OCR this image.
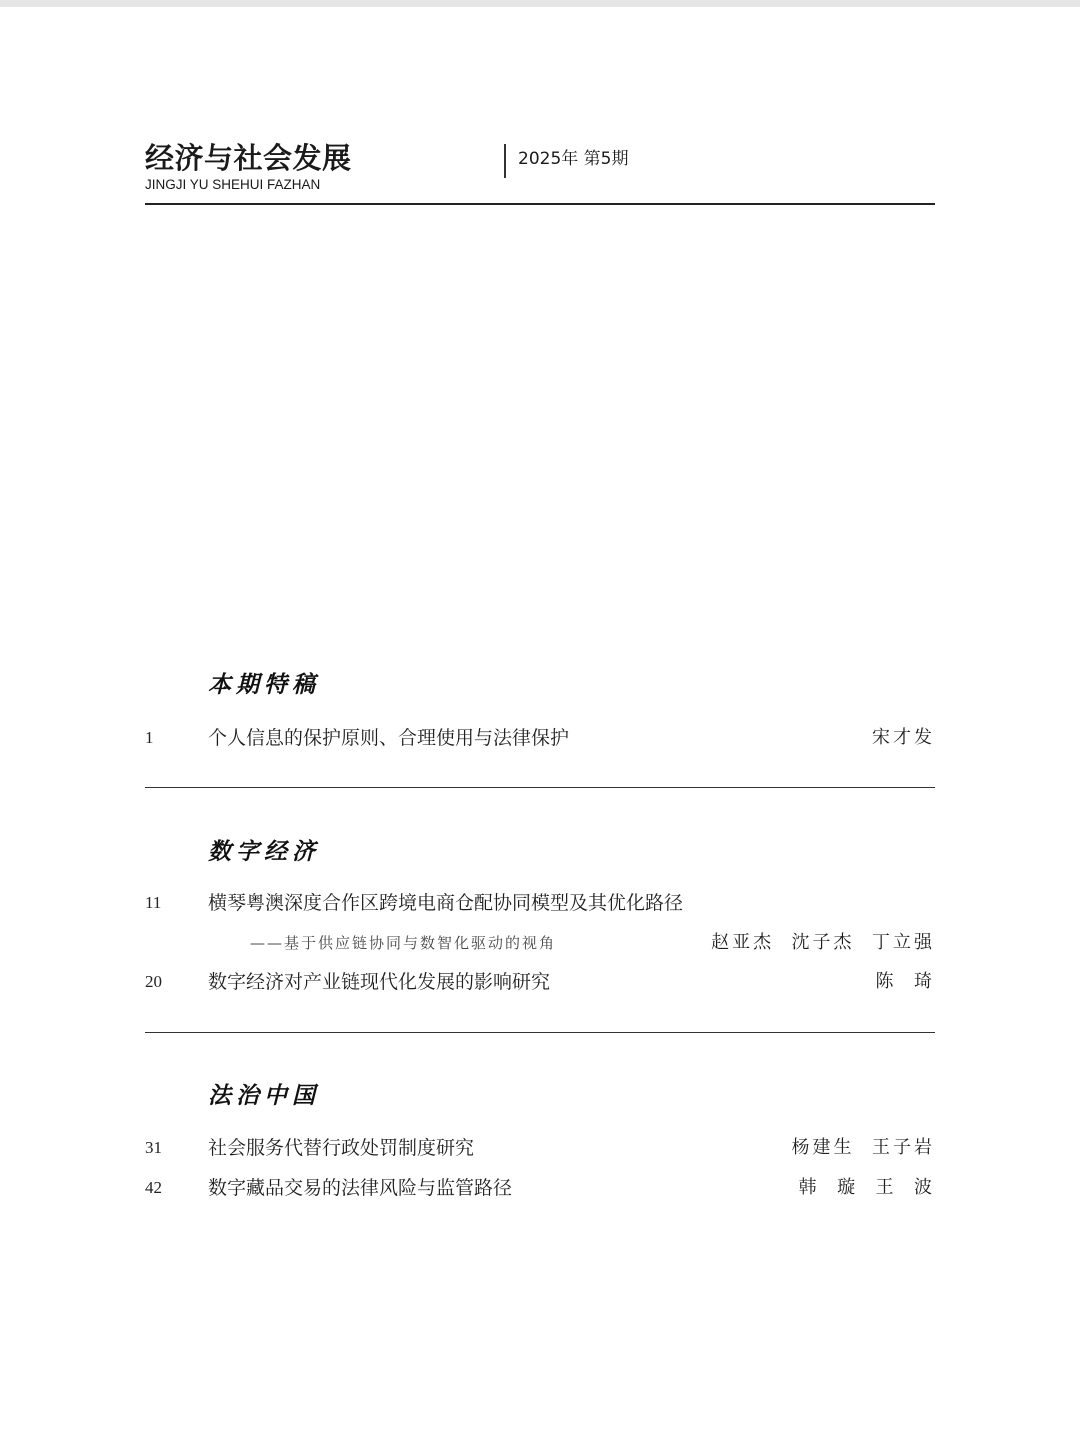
经济与社会发展	2025年 第5期
JINGJI YU SHEHUI FAZHAN
本期特稿
1	个人信息的保护原则、合理使用与法律保护	宋才发
数字经济
11 横琴粤澳深度合作区跨境电商仓配协同模型及其优化路径
——基于供应链协同与数智化驱动的视角	赵亚杰  沈子杰  丁立强
20 数字经济对产业链现代化发展的影响研究	陈  琦
法治中国
31 社会服务代替行政处罚制度研究	杨建生  王子岩
42 数字藏品交易的法律风险与监管路径	韩  璇  王  波
